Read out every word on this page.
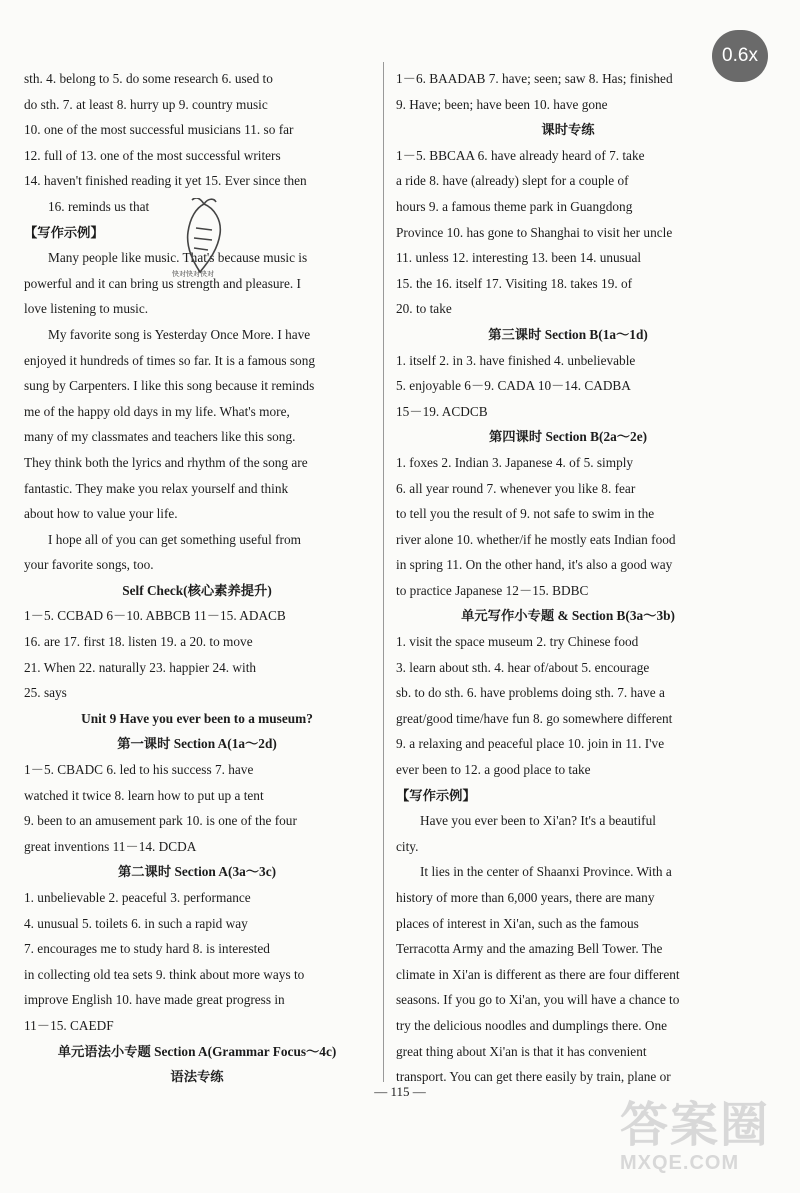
0.6x
sth. 4. belong to 5. do some research 6. used to
do sth. 7. at least 8. hurry up 9. country music
10. one of the most successful musicians 11. so far
12. full of 13. one of the most successful writers
14. haven't finished reading it yet 15. Ever since then
16. reminds us that
【写作示例】
Many people like music. That's because music is
powerful and it can bring us strength and pleasure. I
love listening to music.
My favorite song is Yesterday Once More. I have
enjoyed it hundreds of times so far. It is a famous song
sung by Carpenters. I like this song because it reminds
me of the happy old days in my life. What's more,
many of my classmates and teachers like this song.
They think both the lyrics and rhythm of the song are
fantastic. They make you relax yourself and think
about how to value your life.
I hope all of you can get something useful from
your favorite songs, too.
Self Check(核心素养提升)
1－5. CCBAD 6－10. ABBCB 11－15. ADACB
16. are 17. first 18. listen 19. a 20. to move
21. When 22. naturally 23. happier 24. with
25. says
Unit 9 Have you ever been to a museum?
第一课时 Section A(1a～2d)
1－5. CBADC 6. led to his success 7. have
watched it twice 8. learn how to put up a tent
9. been to an amusement park 10. is one of the four
great inventions 11－14. DCDA
第二课时 Section A(3a～3c)
1. unbelievable 2. peaceful 3. performance
4. unusual 5. toilets 6. in such a rapid way
7. encourages me to study hard 8. is interested
in collecting old tea sets 9. think about more ways to
improve English 10. have made great progress in
11－15. CAEDF
单元语法小专题 Section A(Grammar Focus～4c)
语法专练
1－6. BAADAB 7. have; seen; saw 8. Has; finished
9. Have; been; have been 10. have gone
课时专练
1－5. BBCAA 6. have already heard of 7. take
a ride 8. have (already) slept for a couple of
hours 9. a famous theme park in Guangdong
Province 10. has gone to Shanghai to visit her uncle
11. unless 12. interesting 13. been 14. unusual
15. the 16. itself 17. Visiting 18. takes 19. of
20. to take
第三课时 Section B(1a～1d)
1. itself 2. in 3. have finished 4. unbelievable
5. enjoyable 6－9. CADA 10－14. CADBA
15－19. ACDCB
第四课时 Section B(2a～2e)
1. foxes 2. Indian 3. Japanese 4. of 5. simply
6. all year round 7. whenever you like 8. fear
to tell you the result of 9. not safe to swim in the
river alone 10. whether/if he mostly eats Indian food
in spring 11. On the other hand, it's also a good way
to practice Japanese 12－15. BDBC
单元写作小专题 & Section B(3a～3b)
1. visit the space museum 2. try Chinese food
3. learn about sth. 4. hear of/about 5. encourage
sb. to do sth. 6. have problems doing sth. 7. have a
great/good time/have fun 8. go somewhere different
9. a relaxing and peaceful place 10. join in 11. I've
ever been to 12. a good place to take
【写作示例】
Have you ever been to Xi'an? It's a beautiful
city.
It lies in the center of Shaanxi Province. With a
history of more than 6,000 years, there are many
places of interest in Xi'an, such as the famous
Terracotta Army and the amazing Bell Tower. The
climate in Xi'an is different as there are four different
seasons. If you go to Xi'an, you will have a chance to
try the delicious noodles and dumplings there. One
great thing about Xi'an is that it has convenient
transport. You can get there easily by train, plane or
快对快对快对
— 115 —
答案圈
MXQE.COM
